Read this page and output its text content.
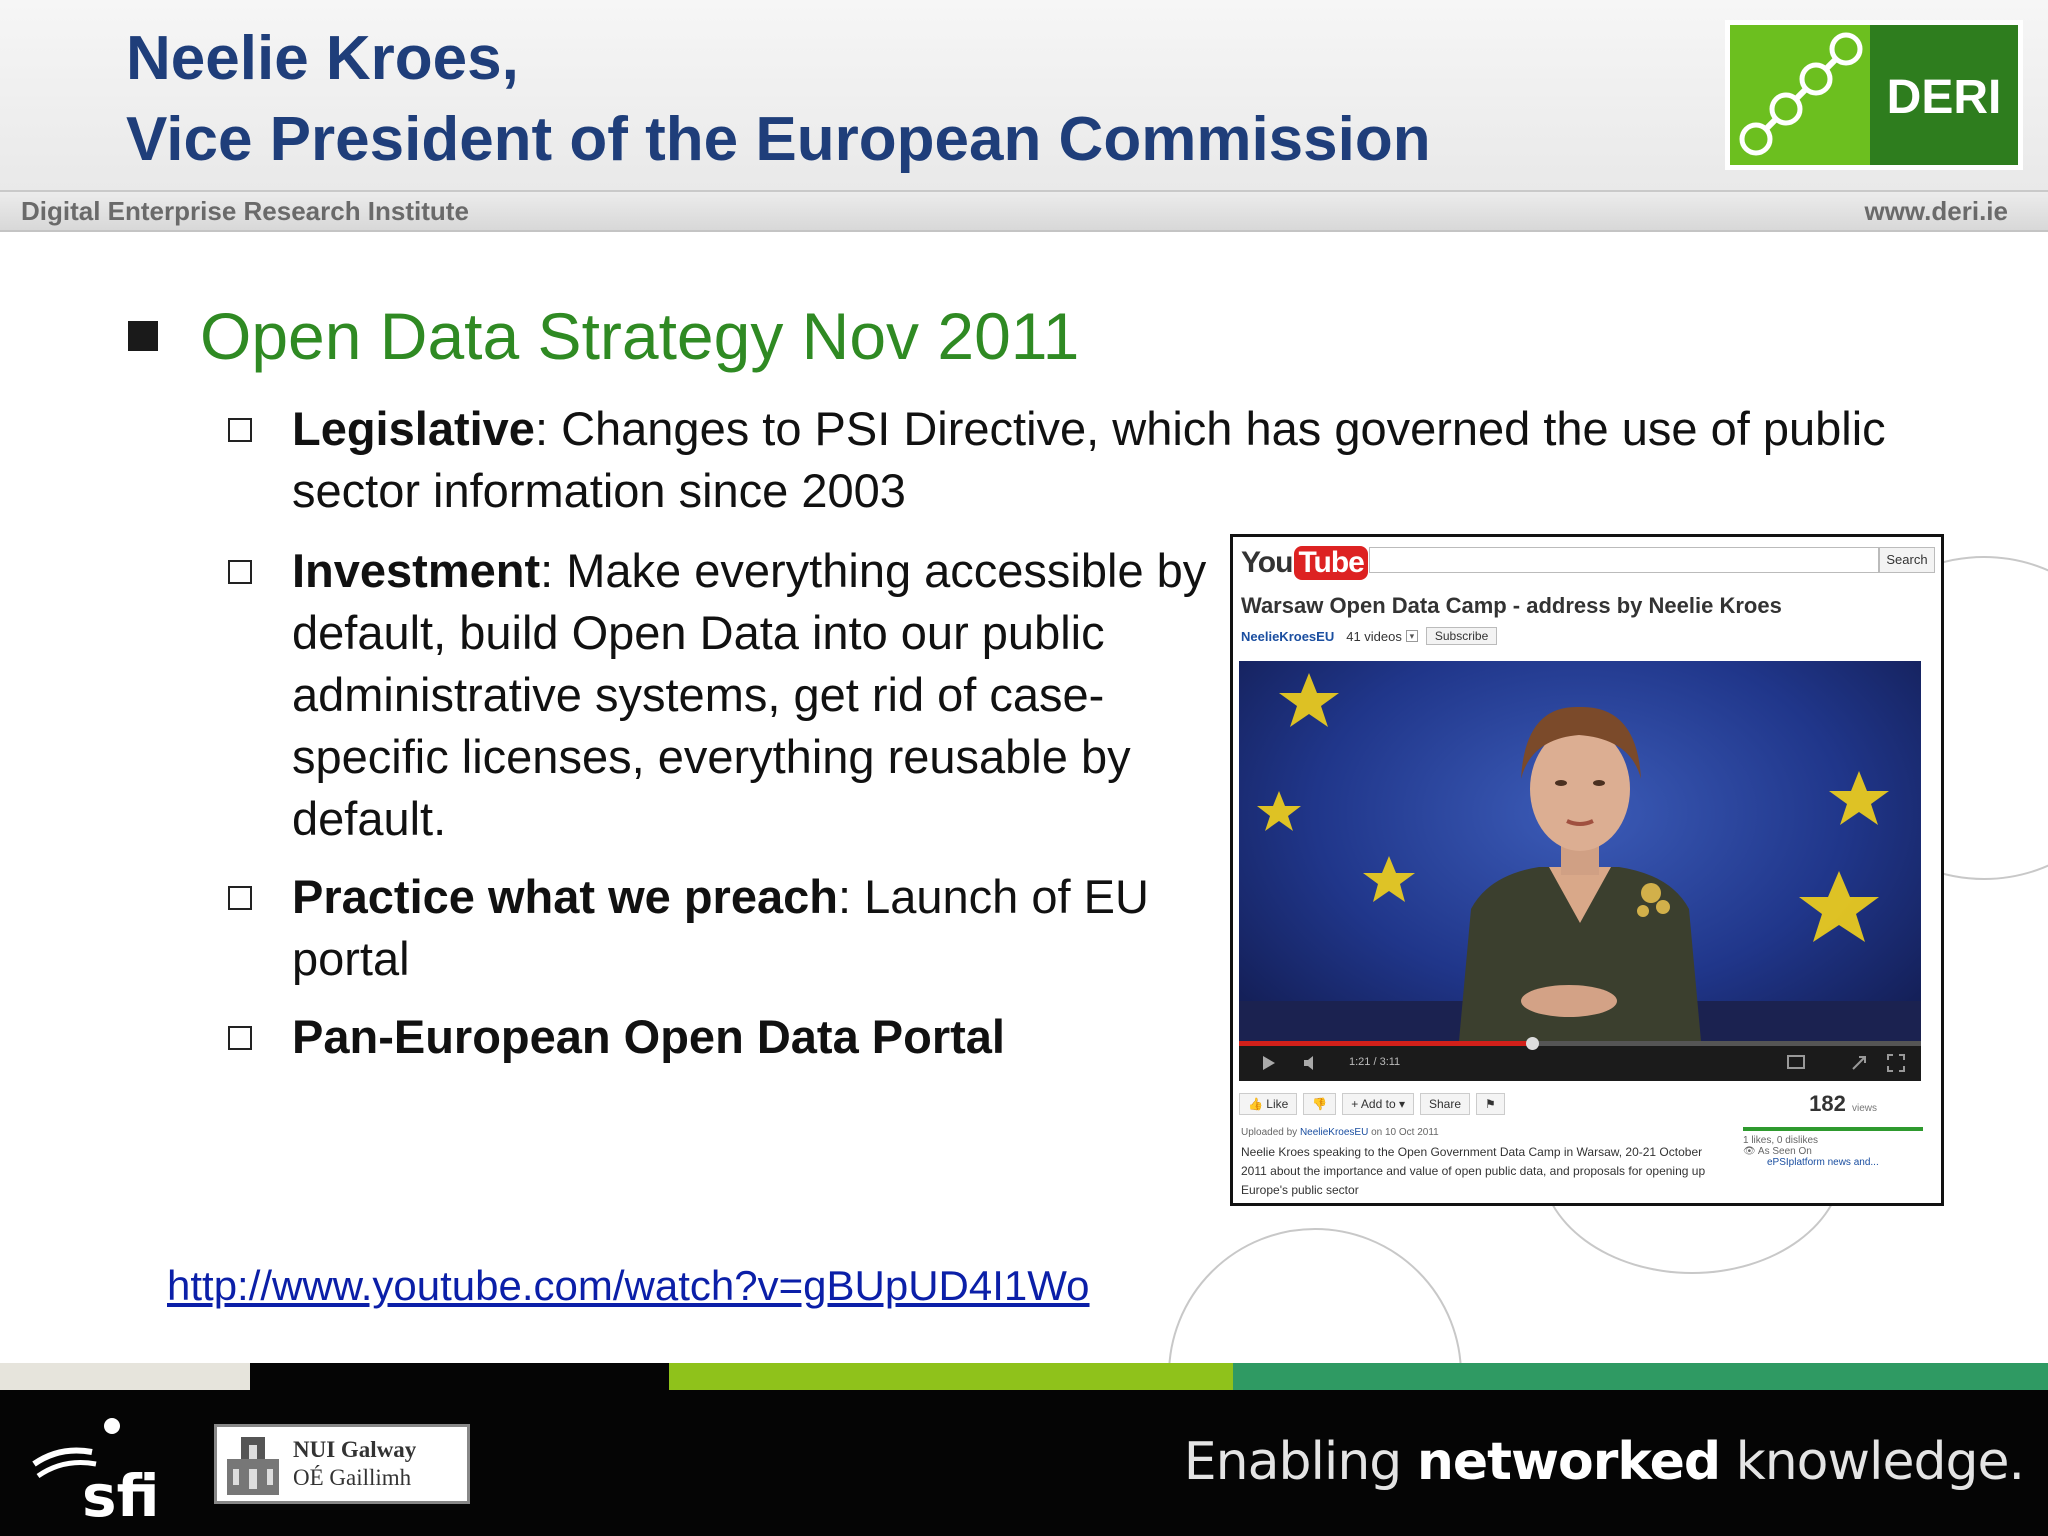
Neelie Kroes,
Vice President of the European Commission
DERI
Digital Enterprise Research Institute	www.deri.ie
Open Data Strategy Nov 2011
Legislative: Changes to PSI Directive, which has governed the use of public sector information since 2003
Investment: Make everything accessible by default, build Open Data into our public administrative systems, get rid of case-specific licenses, everything reusable by default.
Practice what we preach: Launch of EU portal
Pan-European Open Data Portal
http://www.youtube.com/watch?v=gBUpUD4I1Wo
You Tube	Search
Warsaw Open Data Camp - address by Neelie Kroes
NeelieKroesEU 41 videos ▾	Subscribe
1:21 / 3:11
👍 Like	👎	+ Add to ▾	Share	⚑	182 views
Uploaded by NeelieKroesEU on 10 Oct 2011
Neelie Kroes speaking to the Open Government Data Camp in Warsaw, 20-21 October 2011 about the importance and value of open public data, and proposals for opening up Europe's public sector
1 likes, 0 dislikes
👁 As Seen On
ePSIplatform news and...
sfi
NUI Galway
OÉ Gaillimh	Enabling networked knowledge.
